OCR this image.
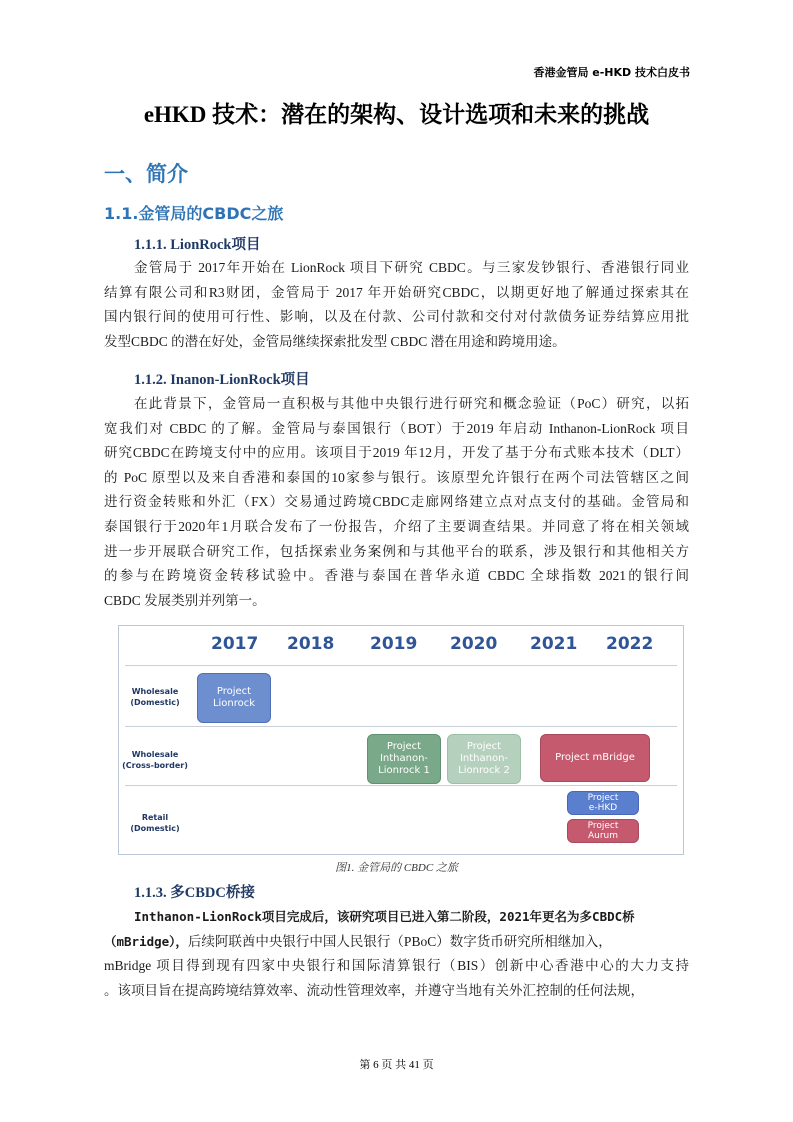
香港金管局 e-HKD 技术白皮书
eHKD 技术：潜在的架构、设计选项和未来的挑战
一、简介
1.1.金管局的CBDC之旅
1.1.1. LionRock项目
金管局于 2017年开始在 LionRock 项目下研究 CBDC。与三家发钞银行、香港银行同业
结算有限公司和R3财团，金管局于 2017 年开始研究CBDC，以期更好地了解通过探索其在
国内银行间的使用可行性、影响，以及在付款、公司付款和交付对付款债务证券结算应用批
发型CBDC 的潜在好处，金管局继续探索批发型 CBDC 潜在用途和跨境用途。
1.1.2. Inanon-LionRock项目
在此背景下，金管局一直积极与其他中央银行进行研究和概念验证（PoC）研究，以拓
宽我们对 CBDC 的了解。金管局与泰国银行（BOT）于2019 年启动 Inthanon-LionRock 项目
研究CBDC在跨境支付中的应用。该项目于2019 年12月，开发了基于分布式账本技术（DLT）
的 PoC 原型以及来自香港和泰国的10家参与银行。该原型允许银行在两个司法管辖区之间
进行资金转账和外汇（FX）交易通过跨境CBDC走廊网络建立点对点支付的基础。金管局和
泰国银行于2020年1月联合发布了一份报告，介绍了主要调查结果。并同意了将在相关领域
进一步开展联合研究工作，包括探索业务案例和与其他平台的联系，涉及银行和其他相关方
的参与在跨境资金转移试验中。香港与泰国在普华永道 CBDC 全球指数 2021的银行间
CBDC 发展类别并列第一。
2017 2018 2019 2020 2021 2022
Wholesale
(Domestic)
Wholesale
(Cross-border)
Retail
(Domestic)
Project
Lionrock
Project
Inthanon-
Lionrock 1
Project
Inthanon-
Lionrock 2
Project mBridge
Project
e-HKD
Project
Aurum
图1. 金管局的 CBDC 之旅
1.1.3. 多CBDC桥接
Inthanon-LionRock项目完成后，该研究项目已进入第二阶段，2021年更名为多CBDC桥
（mBridge），后续阿联酋中央银行中国人民银行（PBoC）数字货币研究所相继加入，
mBridge 项目得到现有四家中央银行和国际清算银行（BIS）创新中心香港中心的大力支持
。该项目旨在提高跨境结算效率、流动性管理效率，并遵守当地有关外汇控制的任何法规，
第 6 页 共 41 页
